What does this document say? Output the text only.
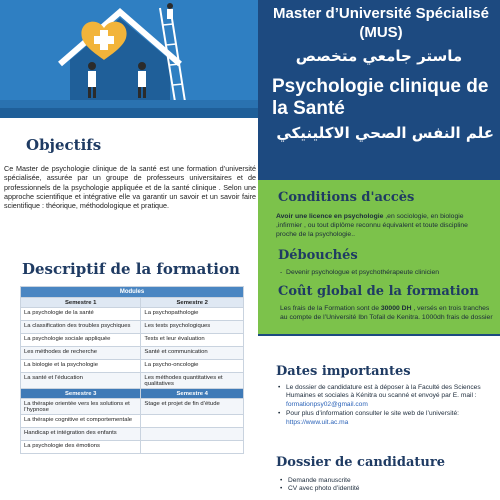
Objectifs
Ce Master de psychologie clinique de la santé est une formation d’université spécialisée, assurée par un groupe de professeurs universitaires et de professionnels de la psychologie appliquée et de la santé clinique . Selon une approche scientifique et intégrative elle va garantir un savoir et un savoir faire scientifique : théorique, méthodologique et pratique.
Descriptif de la formation
Modules	
Semestre 1	Semestre 2
La psychologie de la santé	La psychopathologie
La classification des troubles psychiques	Les tests psychologiques
La psychologie sociale appliquée	Tests et leur évaluation
Les méthodes de recherche	Santé et communication
La biologie et la psychologie	La psycho-oncologie
La santé et l’éducation	Les méthodes quantitatives et qualitatives
Semestre 3	Semestre 4
La thérapie orientée vers les solutions et l’hypnose	Stage et projet de fin d’étude
La thérapie cognitive et comportementale	
Handicap et intégration des enfants	
La psychologie des émotions	
Master d’Université Spécialisé (MUS)
ماستر جامعي متخصص
Psychologie clinique de la Santé
علم النفس الصحي الاكلينيكي
Conditions d'accès
Avoir une licence en psychologie ,en sociologie, en biologie ,infirmier , ou tout diplôme reconnu équivalent et toute discipline proche de la psychologie..
Débouchés
-  Devenir psychologue et psychothérapeute clinicien
Coût global de la formation
Les frais de la Formation sont de 30000 DH , versés en trois tranches au compte de l’Université Ibn Tofail de Kenitra. 1000dh frais de dossier
Dates importantes
• Le dossier de candidature est à déposer à la Faculté des Sciences Humaines et sociales à Kénitra ou scanné et envoyé par E. mail : formationpsy02@gmail.com
• Pour plus d’information consulter le site web de l’université: https://www.uit.ac.ma
Dossier de candidature
• Demande manuscrite
• CV avec photo d’identité
